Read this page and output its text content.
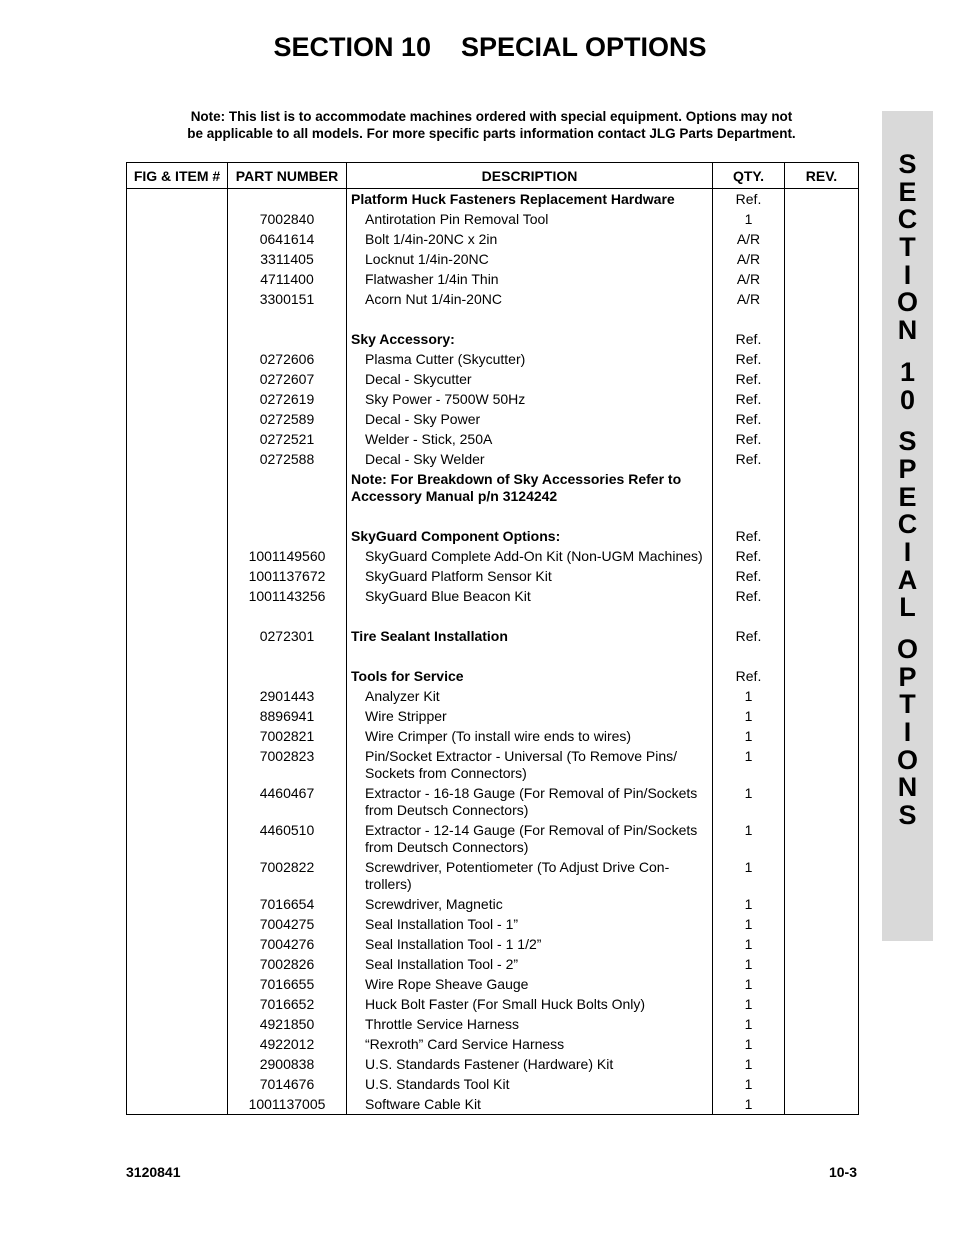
SECTION 10    SPECIAL OPTIONS
Note: This list is to accommodate machines ordered with special equipment. Options may not
be applicable to all models. For more specific parts information contact JLG Parts Department.
S
E
C
T
I
O
N
1
0
S
P
E
C
I
A
L
O
P
T
I
O
N
S
FIG & ITEM #	PART NUMBER	DESCRIPTION	QTY.	REV.
		Platform Huck Fasteners Replacement Hardware	Ref.	
	7002840	Antirotation Pin Removal Tool	1	
	0641614	Bolt 1/4in-20NC x 2in	A/R	
	3311405	Locknut 1/4in-20NC	A/R	
	4711400	Flatwasher 1/4in Thin	A/R	
	3300151	Acorn Nut 1/4in-20NC	A/R	

		Sky Accessory:	Ref.	
	0272606	Plasma Cutter (Skycutter)	Ref.	
	0272607	Decal - Skycutter	Ref.	
	0272619	Sky Power - 7500W 50Hz	Ref.	
	0272589	Decal - Sky Power	Ref.	
	0272521	Welder - Stick, 250A	Ref.	
	0272588	Decal - Sky Welder	Ref.	
		Note: For Breakdown of Sky Accessories Refer to Accessory Manual p/n 3124242		

		SkyGuard Component Options:	Ref.	
	1001149560	SkyGuard Complete Add-On Kit (Non-UGM Machines)	Ref.	
	1001137672	SkyGuard Platform Sensor Kit	Ref.	
	1001143256	SkyGuard Blue Beacon Kit	Ref.	

	0272301	Tire Sealant Installation	Ref.	

		Tools for Service	Ref.	
	2901443	Analyzer Kit	1	
	8896941	Wire Stripper	1	
	7002821	Wire Crimper (To install wire ends to wires)	1	
	7002823	Pin/Socket Extractor - Universal (To Remove Pins/ Sockets from Connectors)	1	
	4460467	Extractor - 16-18 Gauge (For Removal of Pin/Sockets from Deutsch Connectors)	1	
	4460510	Extractor - 12-14 Gauge (For Removal of Pin/Sockets from Deutsch Connectors)	1	
	7002822	Screwdriver, Potentiometer (To Adjust Drive Con-trollers)	1	
	7016654	Screwdriver, Magnetic	1	
	7004275	Seal Installation Tool - 1”	1	
	7004276	Seal Installation Tool - 1 1/2”	1	
	7002826	Seal Installation Tool - 2”	1	
	7016655	Wire Rope Sheave Gauge	1	
	7016652	Huck Bolt Faster (For Small Huck Bolts Only)	1	
	4921850	Throttle Service Harness	1	
	4922012	“Rexroth” Card Service Harness	1	
	2900838	U.S. Standards Fastener (Hardware) Kit	1	
	7014676	U.S. Standards Tool Kit	1	
	1001137005	Software Cable Kit	1	
3120841	10-3
